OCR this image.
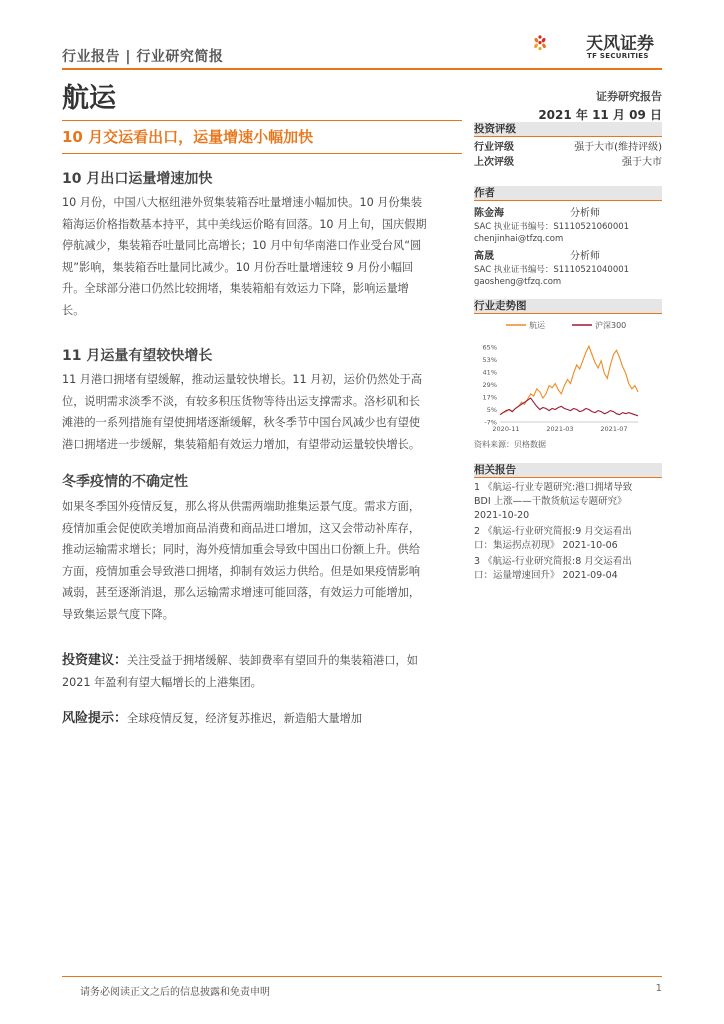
行业报告 | 行业研究简报
航运
天风证券
TF SECURITIES
证券研究报告
2021 年 11 月 09 日
10 月交运看出口，运量增速小幅加快
10 月出口运量增速加快
10 月份，中国八大枢纽港外贸集装箱吞吐量增速小幅加快。10 月份集装
箱海运价格指数基本持平，其中美线运价略有回落。10 月上旬，国庆假期
停航减少，集装箱吞吐量同比高增长；10 月中旬华南港口作业受台风“圆
规”影响，集装箱吞吐量同比减少。10 月份吞吐量增速较 9 月份小幅回
升。全球部分港口仍然比较拥堵，集装箱船有效运力下降，影响运量增
长。
11 月运量有望较快增长
11 月港口拥堵有望缓解，推动运量较快增长。11 月初，运价仍然处于高
位，说明需求淡季不淡，有较多积压货物等待出运支撑需求。洛杉矶和长
滩港的一系列措施有望使拥堵逐渐缓解，秋冬季节中国台风减少也有望使
港口拥堵进一步缓解，集装箱船有效运力增加，有望带动运量较快增长。
冬季疫情的不确定性
如果冬季国外疫情反复，那么将从供需两端助推集运景气度。需求方面，
疫情加重会促使欧美增加商品消费和商品进口增加，这又会带动补库存，
推动运输需求增长；同时，海外疫情加重会导致中国出口份额上升。供给
方面，疫情加重会导致港口拥堵，抑制有效运力供给。但是如果疫情影响
减弱，甚至逐渐消退，那么运输需求增速可能回落，有效运力可能增加，
导致集运景气度下降。
投资建议：关注受益于拥堵缓解、装卸费率有望回升的集装箱港口，如
2021 年盈利有望大幅增长的上港集团。
风险提示：全球疫情反复，经济复苏推迟，新造船大量增加
投资评级
行业评级	强于大市(维持评级)
上次评级	强于大市
作者
陈金海	分析师
SAC 执业证书编号：S1110521060001
chenjinhai@tfzq.com
高晟	分析师
SAC 执业证书编号：S1110521040001
gaosheng@tfzq.com
行业走势图
航运	沪深300
65%
53%
41%
29%
17%
5%
-7%
2020-11	2021-03	2021-07
资料来源：贝格数据
相关报告
1 《航运-行业专题研究:港口拥堵导致
BDI 上涨——干散货航运专题研究》
2021-10-20
2 《航运-行业研究简报:9 月交运看出
口：集运拐点初现》 2021-10-06
3 《航运-行业研究简报:8 月交运看出
口：运量增速回升》 2021-09-04
请务必阅读正文之后的信息披露和免责申明	1
